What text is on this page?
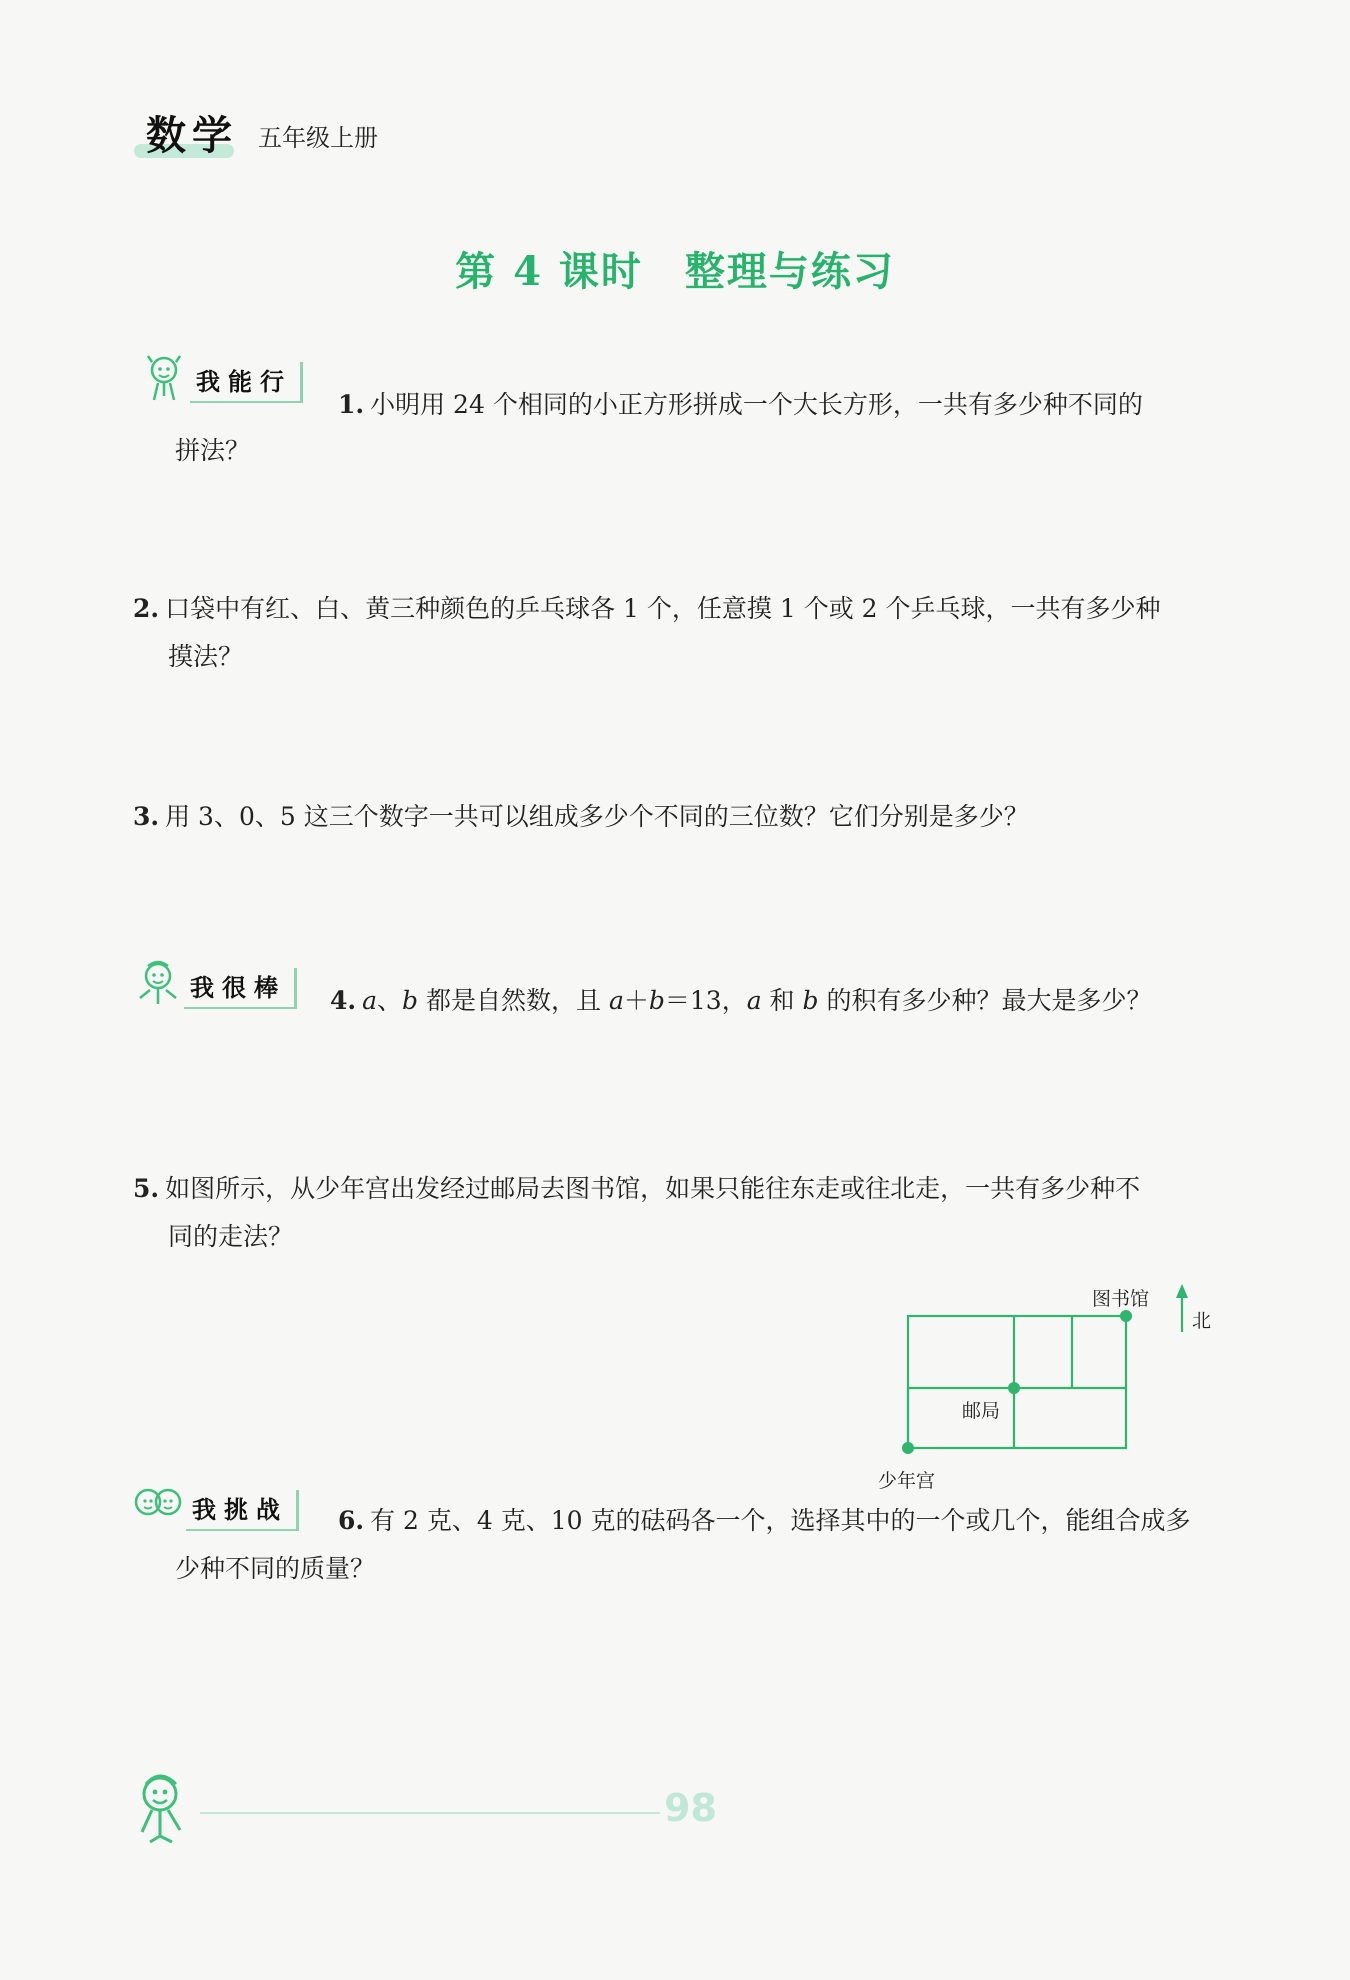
数学 五年级上册
第 4 课时　整理与练习
我能行
1. 小明用 24 个相同的小正方形拼成一个大长方形，一共有多少种不同的
拼法？
2. 口袋中有红、白、黄三种颜色的乒乓球各 1 个，任意摸 1 个或 2 个乒乓球，一共有多少种
摸法？
3. 用 3、0、5 这三个数字一共可以组成多少个不同的三位数？它们分别是多少？
我很棒	4. a、b 都是自然数，且 a＋b＝13，a 和 b 的积有多少种？最大是多少？
5. 如图所示，从少年宫出发经过邮局去图书馆，如果只能往东走或往北走，一共有多少种不
同的走法？
图书馆
北
邮局
少年宫
我挑战	6. 有 2 克、4 克、10 克的砝码各一个，选择其中的一个或几个，能组合成多
少种不同的质量？
98
